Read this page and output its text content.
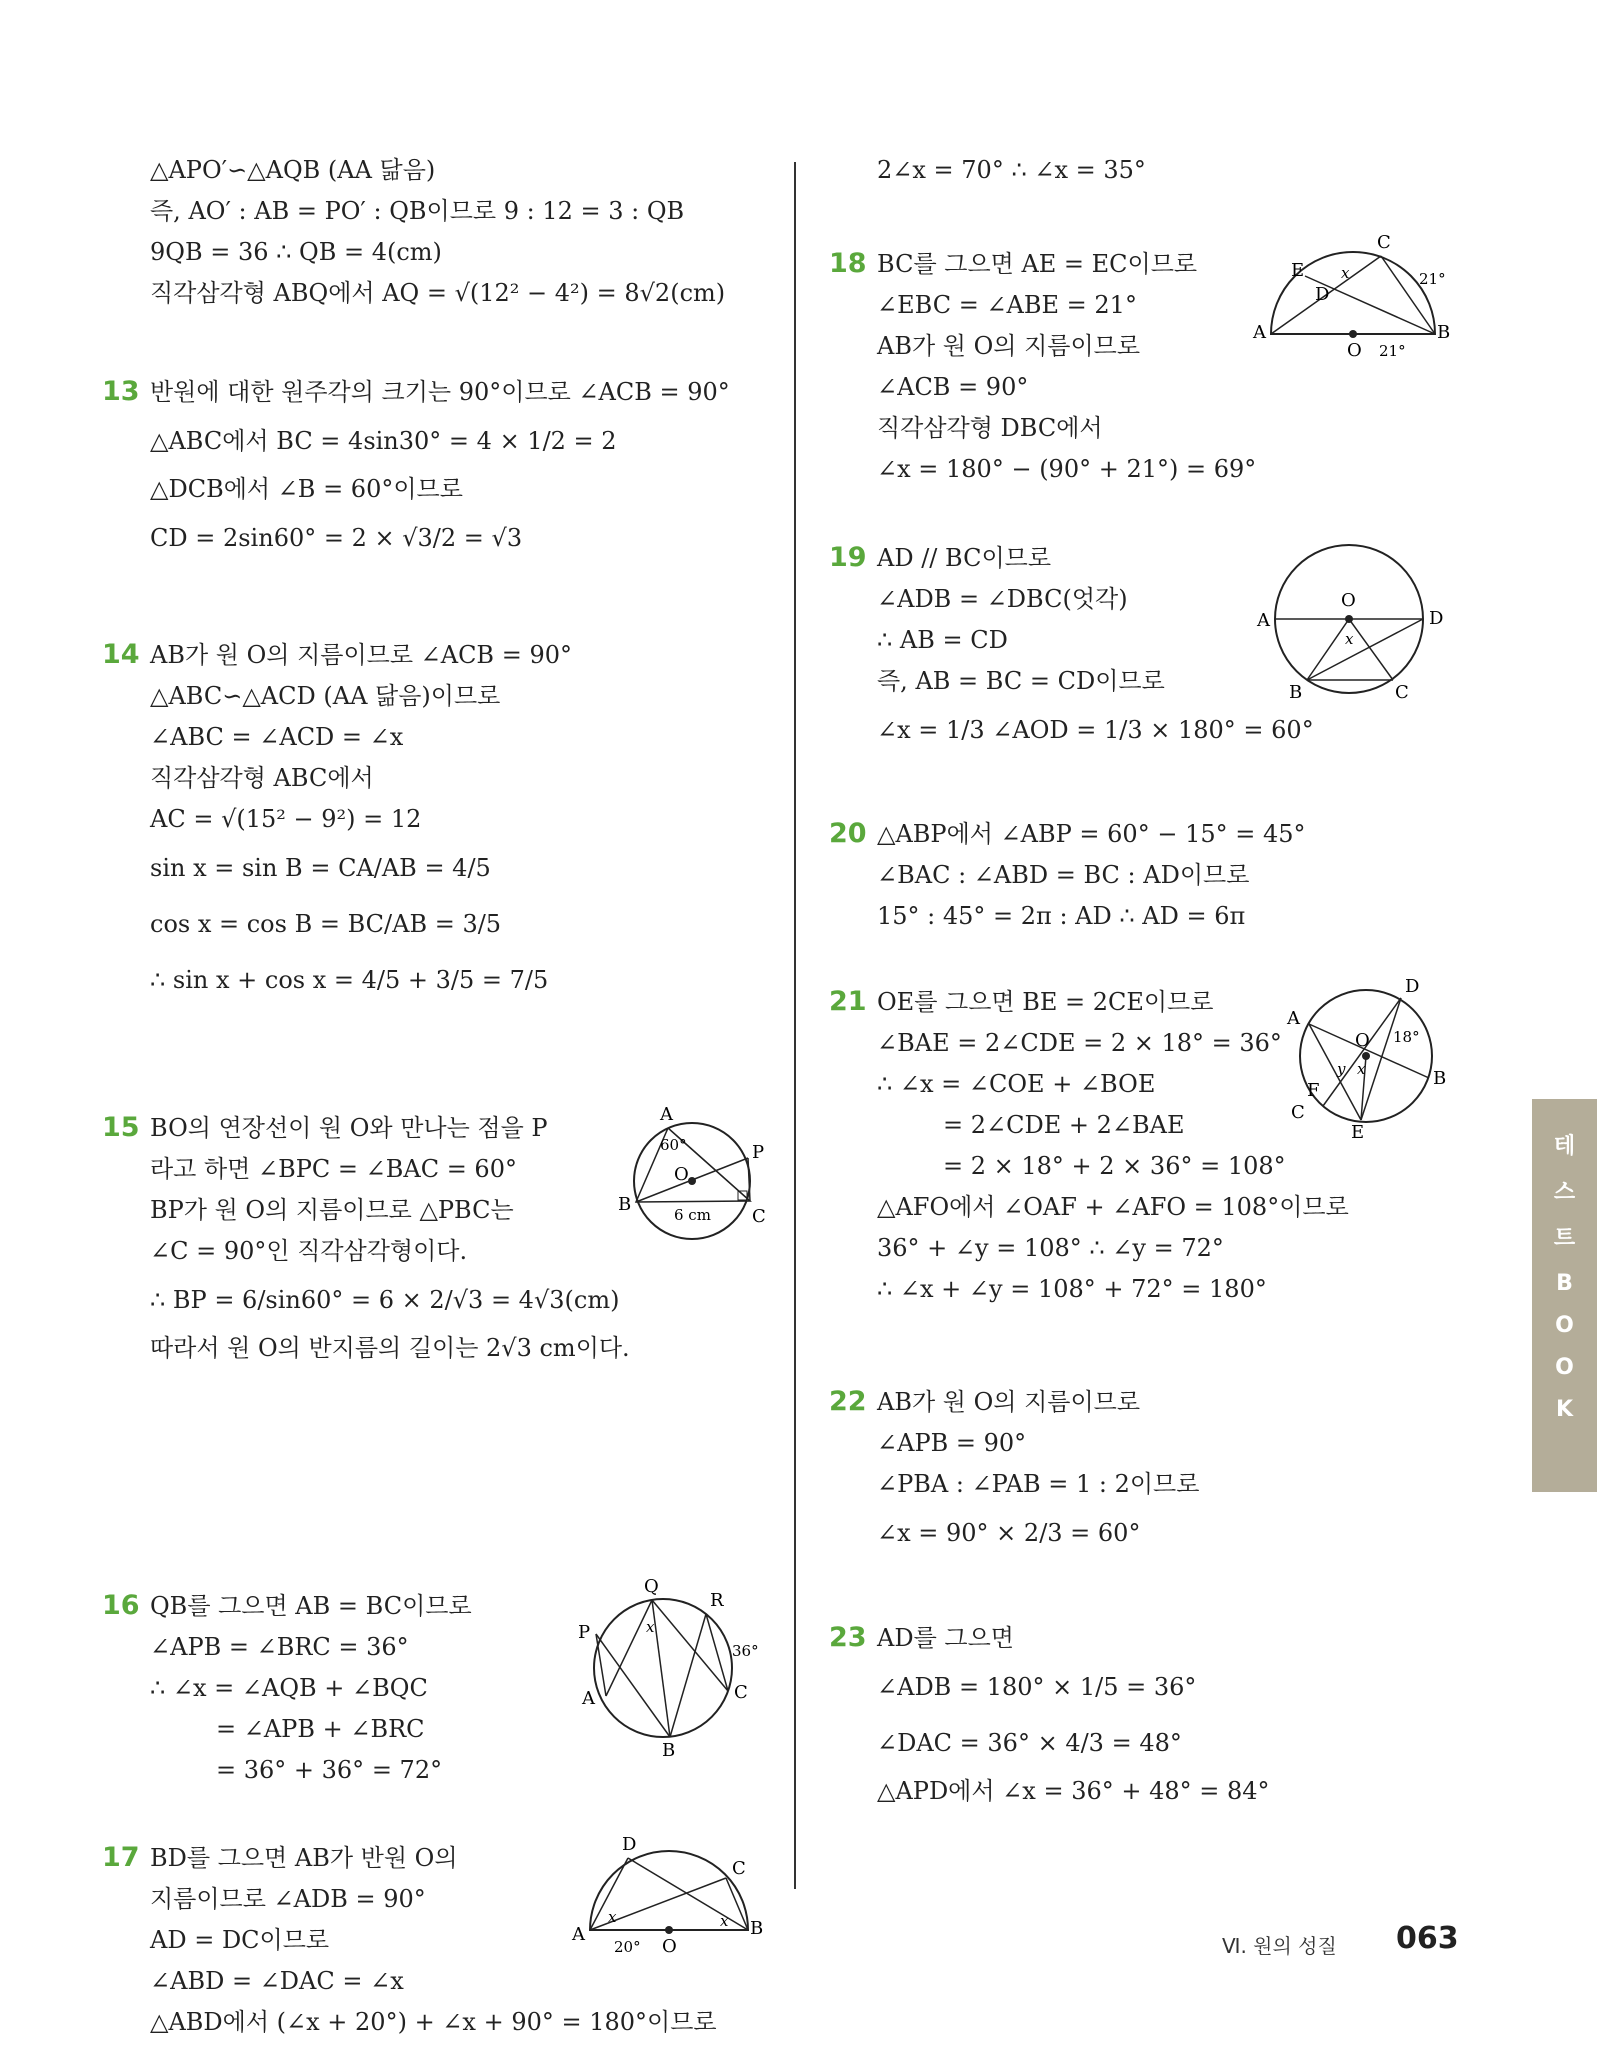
△APO′∽△AQB (AA 닮음)
즉, AO′ : AB = PO′ : QB이므로 9 : 12 = 3 : QB
9QB = 36 ∴ QB = 4(cm)
직각삼각형 ABQ에서 AQ = √(12² − 4²) = 8√2(cm)
13 반원에 대한 원주각의 크기는 90°이므로 ∠ACB = 90°
△ABC에서 BC = 4sin30° = 4 × 1/2 = 2
△DCB에서 ∠B = 60°이므로
CD = 2sin60° = 2 × √3/2 = √3
14 AB가 원 O의 지름이므로 ∠ACB = 90°
△ABC∽△ACD (AA 닮음)이므로
∠ABC = ∠ACD = ∠x
직각삼각형 ABC에서
AC = √(15² − 9²) = 12
sin x = sin B = CA/AB = 4/5
cos x = cos B = BC/AB = 3/5
∴ sin x + cos x = 4/5 + 3/5 = 7/5
15 BO의 연장선이 원 O와 만나는 점을 P
라고 하면 ∠BPC = ∠BAC = 60°
BP가 원 O의 지름이므로 △PBC는
∠C = 90°인 직각삼각형이다.
∴ BP = 6/sin60° = 6 × 2/√3 = 4√3(cm)
따라서 원 O의 반지름의 길이는 2√3 cm이다.
A
P
O
B
C
60°
6 cm
16 QB를 그으면 AB = BC이므로
∠APB = ∠BRC = 36°
∴ ∠x = ∠AQB + ∠BQC
= ∠APB + ∠BRC
= 36° + 36° = 72°
Q
R
P	x
36°
A	C
B
17 BD를 그으면 AB가 반원 O의
지름이므로 ∠ADB = 90°
AD = DC이므로
∠ABD = ∠DAC = ∠x
△ABD에서 (∠x + 20°) + ∠x + 90° = 180°이므로
D
C
A
x	x B
20° O
2∠x = 70° ∴ ∠x = 35°
18 BC를 그으면 AE = EC이므로
∠EBC = ∠ABE = 21°
AB가 원 O의 지름이므로
∠ACB = 90°
직각삼각형 DBC에서
∠x = 180° − (90° + 21°) = 69°
C
E x	21°
D
A	B
O 21°
19 AD // BC이므로
∠ADB = ∠DBC(엇각)
∴ AB = CD
즉, AB = BC = CD이므로
∠x = 1/3 ∠AOD = 1/3 × 180° = 60°
O
A	D
x
B	C
20 △ABP에서 ∠ABP = 60° − 15° = 45°
∠BAC : ∠ABD = BC : AD이므로
15° : 45° = 2π : AD ∴ AD = 6π
21 OE를 그으면 BE = 2CE이므로
∠BAE = 2∠CDE = 2 × 18° = 36°
∴ ∠x = ∠COE + ∠BOE
= 2∠CDE + 2∠BAE
= 2 × 18° + 2 × 36° = 108°
△AFO에서 ∠OAF + ∠AFO = 108°이므로
36° + ∠y = 108° ∴ ∠y = 72°
∴ ∠x + ∠y = 108° + 72° = 180°
D
A
O 18°
y x	B
F
C
E
22 AB가 원 O의 지름이므로
∠APB = 90°
∠PBA : ∠PAB = 1 : 2이므로
∠x = 90° × 2/3 = 60°
23 AD를 그으면
∠ADB = 180° × 1/5 = 36°
∠DAC = 36° × 4/3 = 48°
△APD에서 ∠x = 36° + 48° = 84°
테
스
트
B
O
O
K
Ⅵ. 원의 성질 063
